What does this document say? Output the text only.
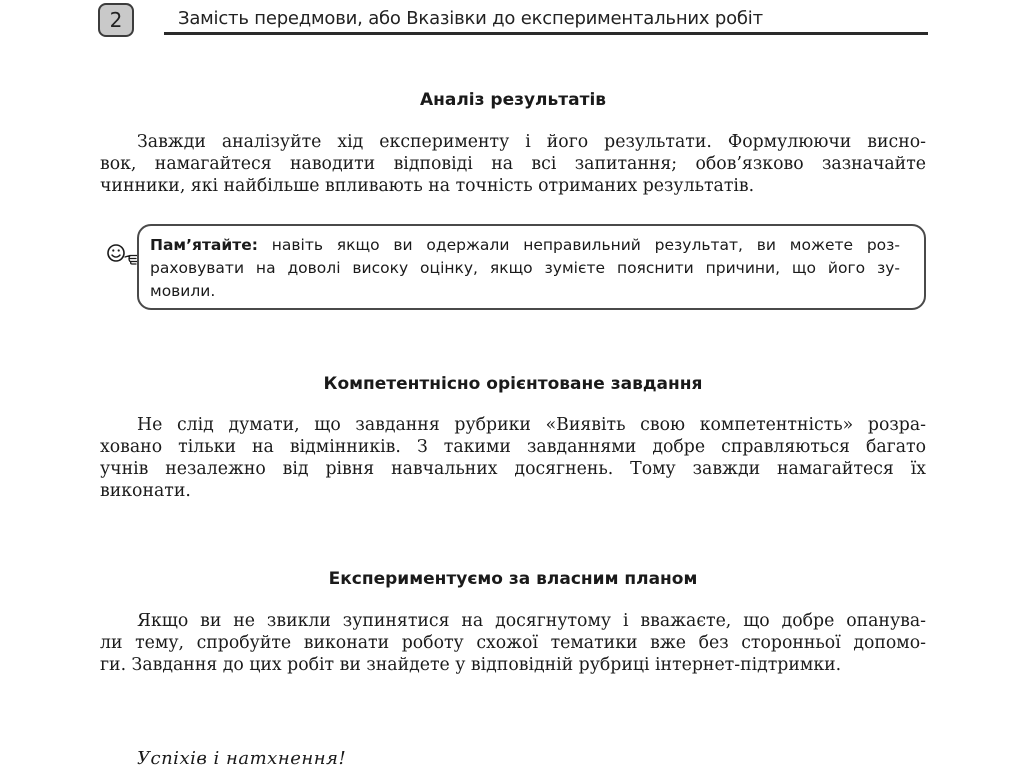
2	Замість передмови, або Вказівки до експериментальних робіт
Аналіз результатів
Завжди аналізуйте хід експерименту і його результати. Формулюючи висно-
вок, намагайтеся наводити відповіді на всі запитання; обов’язково зазначайте
чинники, які найбільше впливають на точність отриманих результатів.
Пам’ятайте: навіть якщо ви одержали неправильний результат, ви можете роз-
раховувати на доволі високу оцінку, якщо зумієте пояснити причини, що його зу-
мовили.
Компетентнісно орієнтоване завдання
Не слід думати, що завдання рубрики «Виявіть свою компетентність» розра-
ховано тільки на відмінників. З такими завданнями добре справляються багато
учнів незалежно від рівня навчальних досягнень. Тому завжди намагайтеся їх
виконати.
Експериментуємо за власним планом
Якщо ви не звикли зупинятися на досягнутому і вважаєте, що добре опанува-
ли тему, спробуйте виконати роботу схожої тематики вже без сторонньої допомо-
ги. Завдання до цих робіт ви знайдете у відповідній рубриці інтернет-підтримки.
Успіхів і натхнення!
